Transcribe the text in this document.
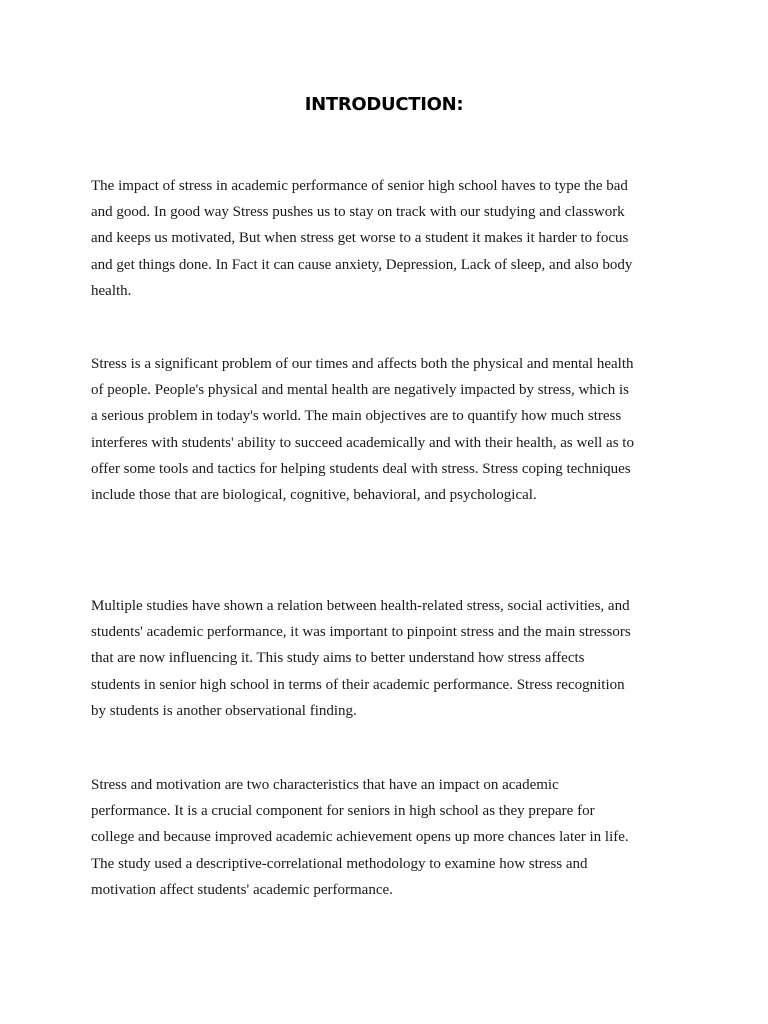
INTRODUCTION:

The impact of stress in academic performance of senior high school haves to type the bad
and good. In good way Stress pushes us to stay on track with our studying and classwork
and keeps us motivated, But when stress get worse to a student it makes it harder to focus
and get things done. In Fact it can cause anxiety, Depression, Lack of sleep, and also body
health.

Stress is a significant problem of our times and affects both the physical and mental health
of people. People's physical and mental health are negatively impacted by stress, which is
a serious problem in today's world. The main objectives are to quantify how much stress
interferes with students' ability to succeed academically and with their health, as well as to
offer some tools and tactics for helping students deal with stress. Stress coping techniques
include those that are biological, cognitive, behavioral, and psychological.

Multiple studies have shown a relation between health-related stress, social activities, and
students' academic performance, it was important to pinpoint stress and the main stressors
that are now influencing it. This study aims to better understand how stress affects
students in senior high school in terms of their academic performance. Stress recognition
by students is another observational finding.

Stress and motivation are two characteristics that have an impact on academic
performance. It is a crucial component for seniors in high school as they prepare for
college and because improved academic achievement opens up more chances later in life.
The study used a descriptive-correlational methodology to examine how stress and
motivation affect students' academic performance.
